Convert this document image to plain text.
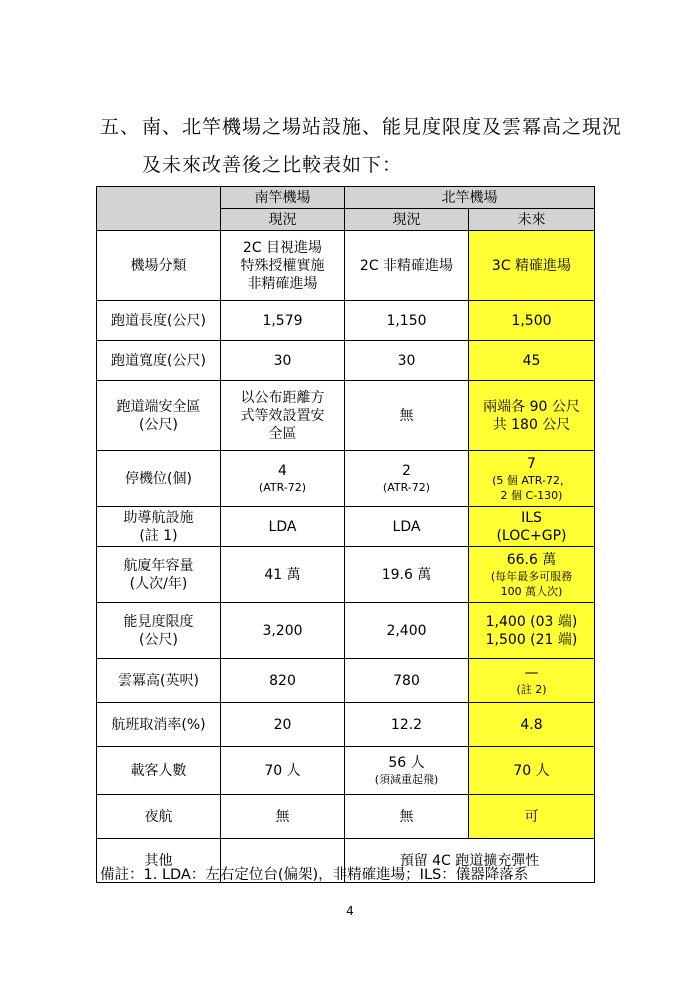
五、 南、北竿機場之場站設施、能見度限度及雲冪高之現況
及未來改善後之比較表如下：
	南竿機場	北竿機場	
	現況	現況	未來

機場分類	2C 目視進場
特殊授權實施
非精確進場	2C 非精確進場	3C 精確進場

跑道長度(公尺)	1,579	1,150	1,500

跑道寬度(公尺)	30	30	45

跑道端安全區
(公尺)	以公布距離方
式等效設置安
全區	無	兩端各 90 公尺
共 180 公尺

停機位(個)	4
(ATR-72)	2
(ATR-72)	7
(5 個 ATR-72，
2 個 C-130)

助導航設施
(註 1)	LDA	LDA	ILS
(LOC+GP)

航廈年容量
(人次/年)	41 萬	19.6 萬	66.6 萬
(每年最多可服務
100 萬人次)

能見度限度
(公尺)	3,200	2,400	1,400 (03 端)
1,500 (21 端)

雲冪高(英呎)	820	780	—
(註 2)

航班取消率(%)	20	12.2	4.8

載客人數	70 人	56 人
(須減重起飛)	70 人

夜航	無	無	可

其他		預留 4C 跑道擴充彈性	
備註：1. LDA：左右定位台(偏架)，非精確進場；ILS：儀器降落系
4
